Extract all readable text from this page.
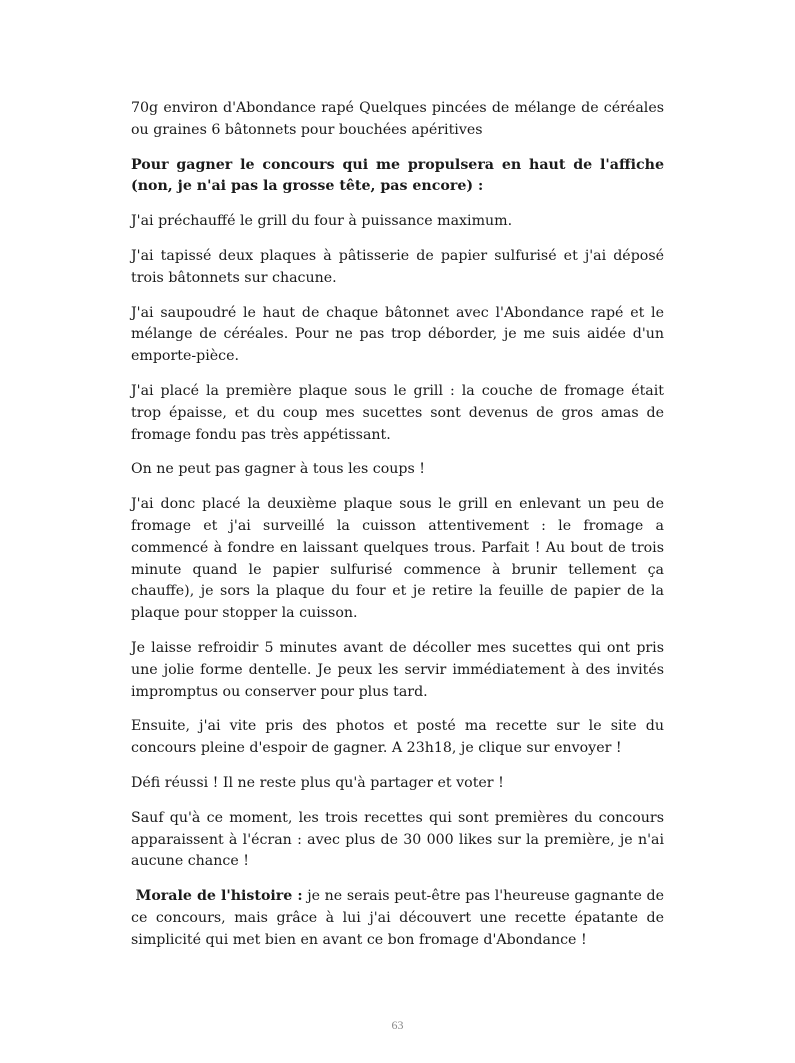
70g environ d'Abondance rapé Quelques pincées de mélange de céréales ou graines 6 bâtonnets pour bouchées apéritives

Pour gagner le concours qui me propulsera en haut de l'affiche (non, je n'ai pas la grosse tête, pas encore) :

J'ai préchauffé le grill du four à puissance maximum.

J'ai tapissé deux plaques à pâtisserie de papier sulfurisé et j'ai déposé trois bâtonnets sur chacune.

J'ai saupoudré le haut de chaque bâtonnet avec l'Abondance rapé et le mélange de céréales. Pour ne pas trop déborder, je me suis aidée d'un emporte-pièce.

J'ai placé la première plaque sous le grill : la couche de fromage était trop épaisse, et du coup mes sucettes sont devenus de gros amas de fromage fondu pas très appétissant.

On ne peut pas gagner à tous les coups !

J'ai donc placé la deuxième plaque sous le grill en enlevant un peu de fromage et j'ai surveillé la cuisson attentivement : le fromage a commencé à fondre en laissant quelques trous. Parfait ! Au bout de trois minute quand le papier sulfurisé commence à brunir tellement ça chauffe), je sors la plaque du four et je retire la feuille de papier de la plaque pour stopper la cuisson.

Je laisse refroidir 5 minutes avant de décoller mes sucettes qui ont pris une jolie forme dentelle. Je peux les servir immédiatement à des invités impromptus ou conserver pour plus tard.

Ensuite, j'ai vite pris des photos et posté ma recette sur le site du concours pleine d'espoir de gagner. A 23h18, je clique sur envoyer !

Défi réussi ! Il ne reste plus qu'à partager et voter !

Sauf qu'à ce moment, les trois recettes qui sont premières du concours apparaissent à l'écran : avec plus de 30 000 likes sur la première, je n'ai aucune chance !

Morale de l'histoire : je ne serais peut-être pas l'heureuse gagnante de ce concours, mais grâce à lui j'ai découvert une recette épatante de simplicité qui met bien en avant ce bon fromage d'Abondance !

63
